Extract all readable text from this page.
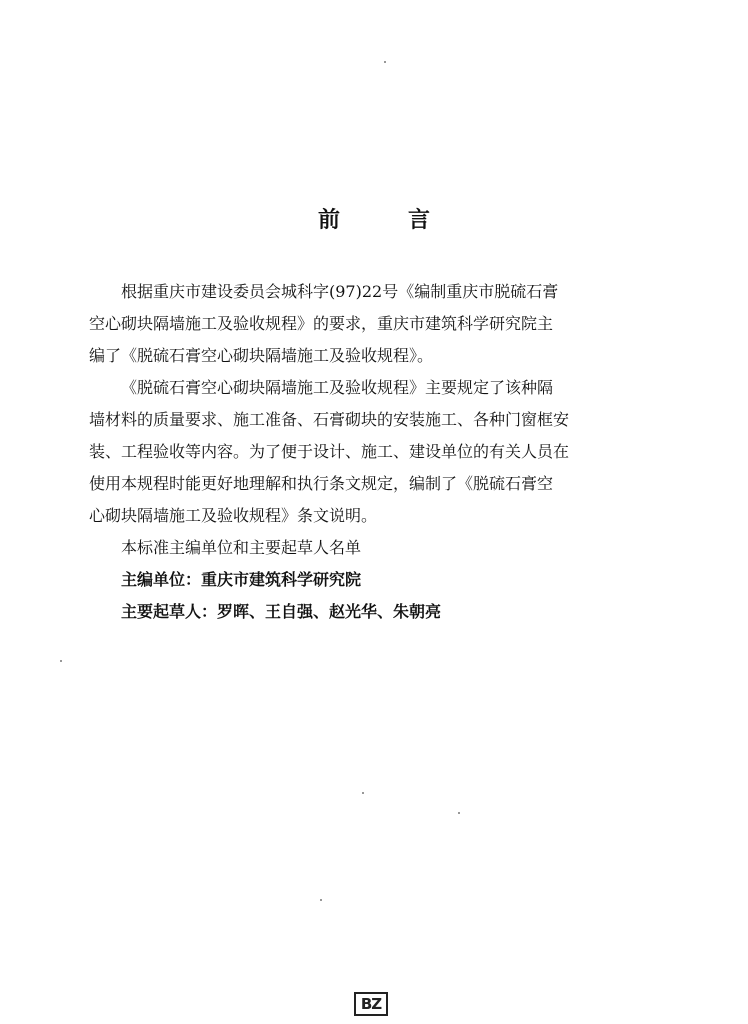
前	言
根据重庆市建设委员会城科字(97)22号《编制重庆市脱硫石膏
空心砌块隔墙施工及验收规程》的要求，重庆市建筑科学研究院主
编了《脱硫石膏空心砌块隔墙施工及验收规程》。
《脱硫石膏空心砌块隔墙施工及验收规程》主要规定了该种隔
墙材料的质量要求、施工准备、石膏砌块的安装施工、各种门窗框安
装、工程验收等内容。为了便于设计、施工、建设单位的有关人员在
使用本规程时能更好地理解和执行条文规定，编制了《脱硫石膏空
心砌块隔墙施工及验收规程》条文说明。
本标准主编单位和主要起草人名单
主编单位：重庆市建筑科学研究院
主要起草人：罗晖、王自强、赵光华、朱朝亮
BZ
